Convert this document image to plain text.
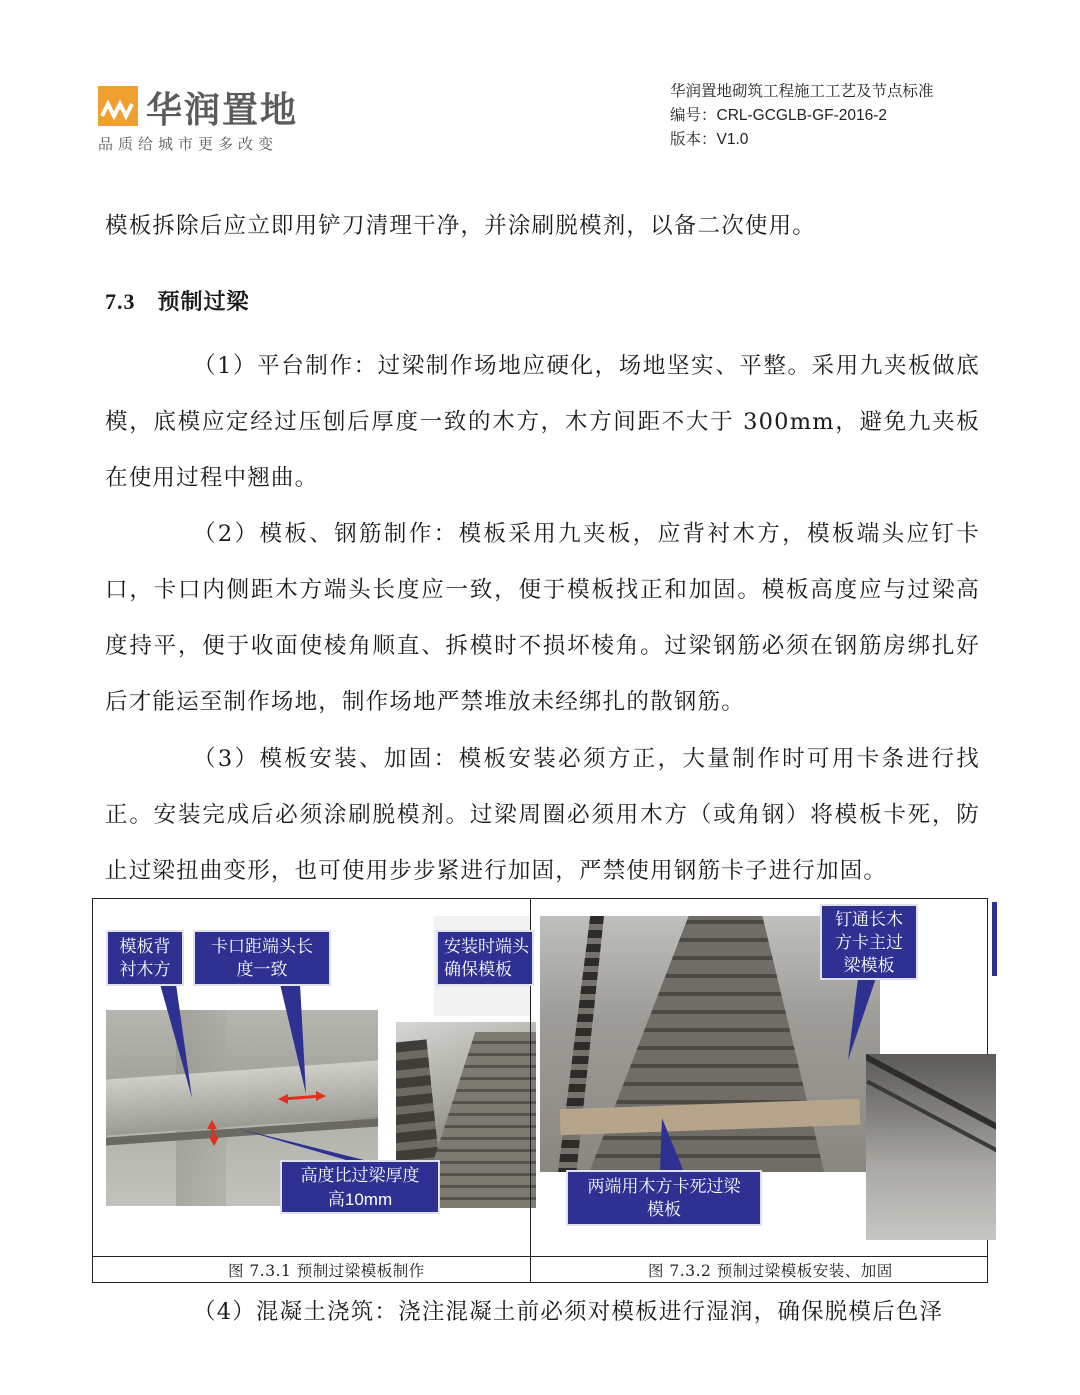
华润置地
品质给城市更多改变
华润置地砌筑工程施工工艺及节点标准
编号：CRL-GCGLB-GF-2016-2
版本：V1.0
模板拆除后应立即用铲刀清理干净，并涂刷脱模剂，以备二次使用。
7.3 预制过梁
（1）平台制作：过梁制作场地应硬化，场地坚实、平整。采用九夹板做底模，底模应定经过压刨后厚度一致的木方，木方间距不大于 300mm，避免九夹板在使用过程中翘曲。
（2）模板、钢筋制作：模板采用九夹板，应背衬木方，模板端头应钉卡口，卡口内侧距木方端头长度应一致，便于模板找正和加固。模板高度应与过梁高度持平，便于收面使棱角顺直、拆模时不损坏棱角。过梁钢筋必须在钢筋房绑扎好后才能运至制作场地，制作场地严禁堆放未经绑扎的散钢筋。
（3）模板安装、加固：模板安装必须方正，大量制作时可用卡条进行找正。安装完成后必须涂刷脱模剂。过梁周圈必须用木方（或角钢）将模板卡死，防止过梁扭曲变形，也可使用步步紧进行加固，严禁使用钢筋卡子进行加固。
模板背
衬木方
卡口距端头长
度一致
安装时端头
确保模板
高度比过梁厚度
高10mm
钉通长木
方卡主过
梁模板
两端用木方卡死过梁
模板
图 7.3.1 预制过梁模板制作	图 7.3.2 预制过梁模板安装、加固
（4）混凝土浇筑：浇注混凝土前必须对模板进行湿润，确保脱模后色泽
